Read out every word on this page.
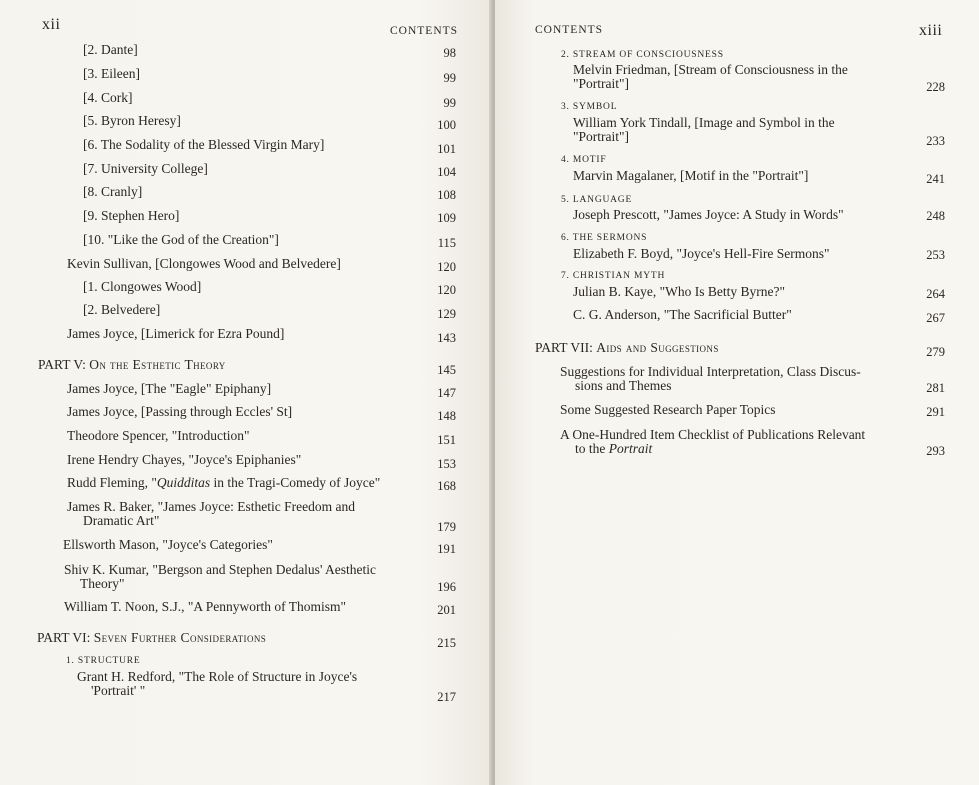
xii	CONTENTS
[2. Dante]	98
[3. Eileen]	99
[4. Cork]	99
[5. Byron Heresy]	100
[6. The Sodality of the Blessed Virgin Mary]	101
[7. University College]	104
[8. Cranly]	108
[9. Stephen Hero]	109
[10. "Like the God of the Creation"]	115
Kevin Sullivan, [Clongowes Wood and Belvedere]	120
[1. Clongowes Wood]	120
[2. Belvedere]	129
James Joyce, [Limerick for Ezra Pound]	143
PART V: On the Esthetic Theory	145
James Joyce, [The "Eagle" Epiphany]	147
James Joyce, [Passing through Eccles' St]	148
Theodore Spencer, "Introduction"	151
Irene Hendry Chayes, "Joyce's Epiphanies"	153
Rudd Fleming, "Quidditas in the Tragi-Comedy of Joyce"	168
James R. Baker, "James Joyce: Esthetic Freedom and
Dramatic Art"	179
Ellsworth Mason, "Joyce's Categories"	191
Shiv K. Kumar, "Bergson and Stephen Dedalus' Aesthetic
Theory"	196
William T. Noon, S.J., "A Pennyworth of Thomism"	201
PART VI: Seven Further Considerations	215
1. STRUCTURE
Grant H. Redford, "The Role of Structure in Joyce's
'Portrait' "	217
CONTENTS	xiii
2. STREAM OF CONSCIOUSNESS
Melvin Friedman, [Stream of Consciousness in the
"Portrait"]	228
3. SYMBOL
William York Tindall, [Image and Symbol in the
"Portrait"]	233
4. MOTIF
Marvin Magalaner, [Motif in the "Portrait"]	241
5. LANGUAGE
Joseph Prescott, "James Joyce: A Study in Words"	248
6. THE SERMONS
Elizabeth F. Boyd, "Joyce's Hell-Fire Sermons"	253
7. CHRISTIAN MYTH
Julian B. Kaye, "Who Is Betty Byrne?"	264
C. G. Anderson, "The Sacrificial Butter"	267
PART VII: Aids and Suggestions	279
Suggestions for Individual Interpretation, Class Discus-
sions and Themes	281
Some Suggested Research Paper Topics	291
A One-Hundred Item Checklist of Publications Relevant
to the Portrait	293
